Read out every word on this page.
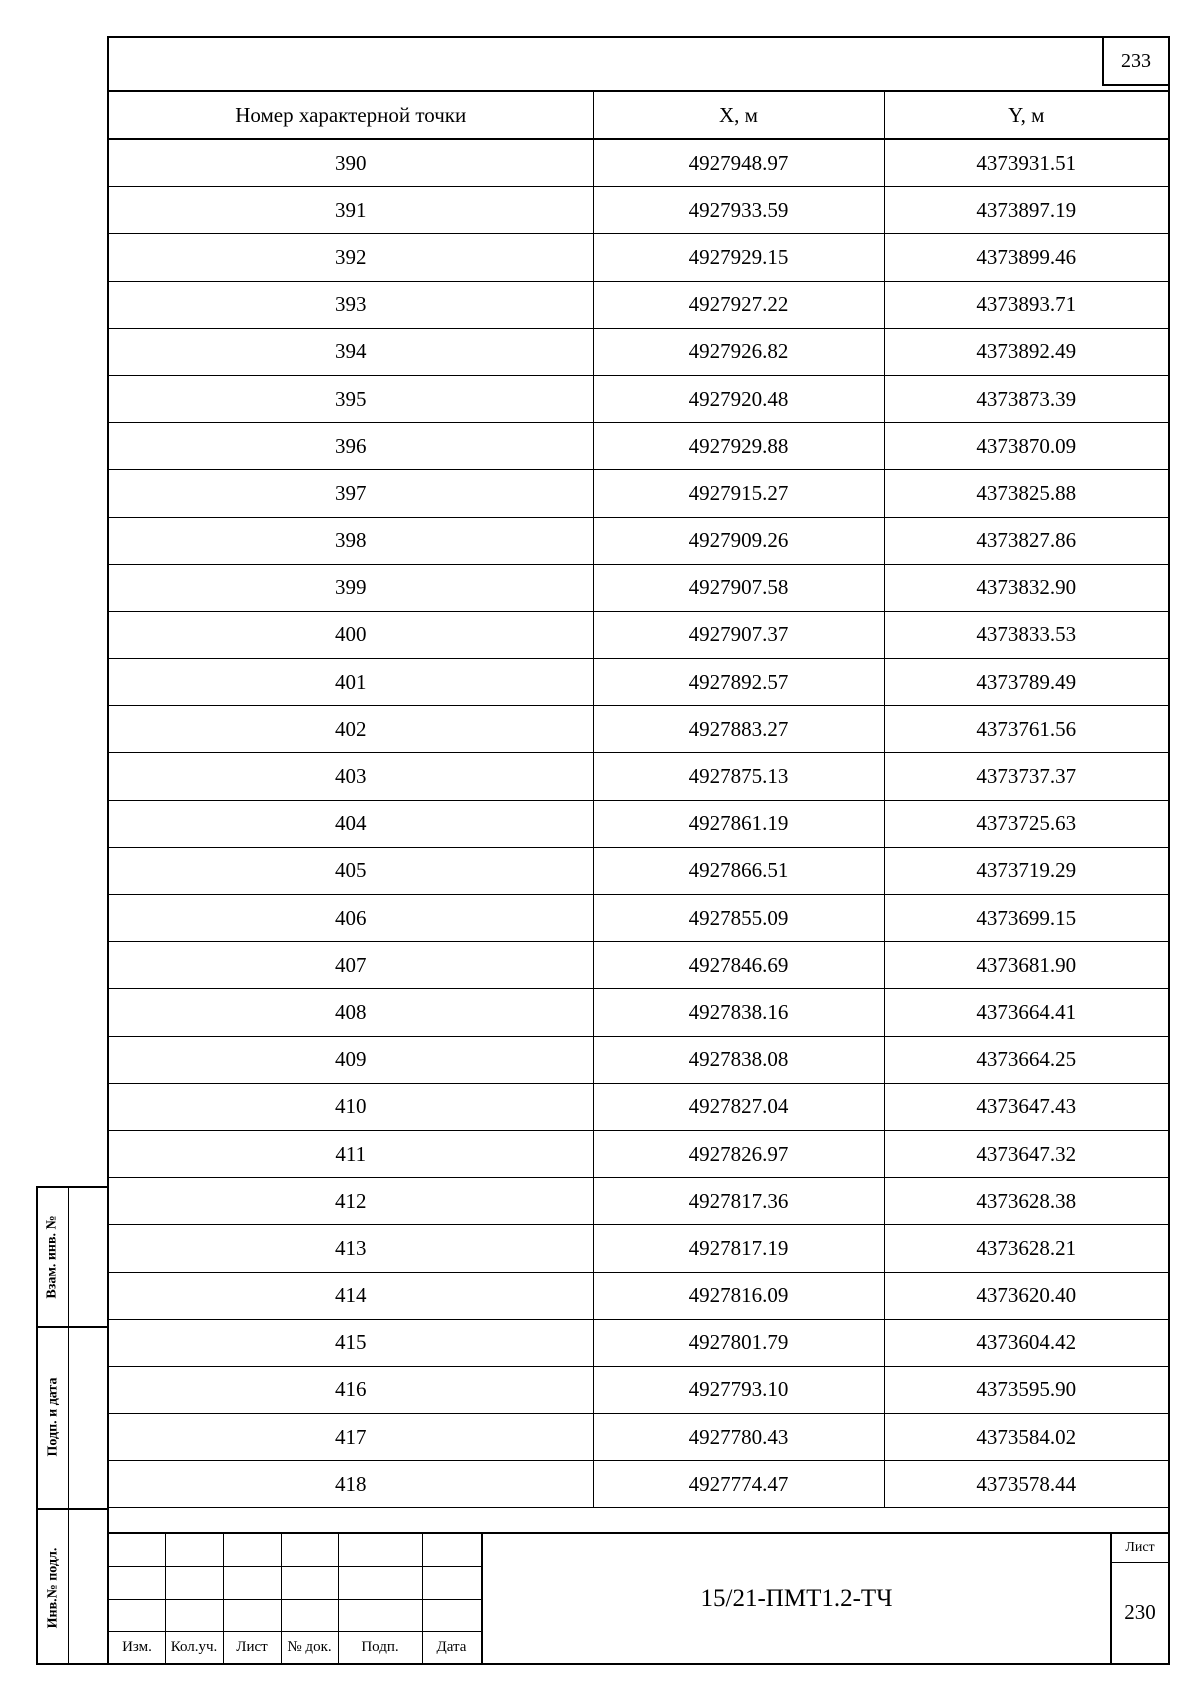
Взам. инв. №
Подп. и дата
Инв.№ подл.
233
Номер характерной точки	X, м	Y, м
390	4927948.97	4373931.51
391	4927933.59	4373897.19
392	4927929.15	4373899.46
393	4927927.22	4373893.71
394	4927926.82	4373892.49
395	4927920.48	4373873.39
396	4927929.88	4373870.09
397	4927915.27	4373825.88
398	4927909.26	4373827.86
399	4927907.58	4373832.90
400	4927907.37	4373833.53
401	4927892.57	4373789.49
402	4927883.27	4373761.56
403	4927875.13	4373737.37
404	4927861.19	4373725.63
405	4927866.51	4373719.29
406	4927855.09	4373699.15
407	4927846.69	4373681.90
408	4927838.16	4373664.41
409	4927838.08	4373664.25
410	4927827.04	4373647.43
411	4927826.97	4373647.32
412	4927817.36	4373628.38
413	4927817.19	4373628.21
414	4927816.09	4373620.40
415	4927801.79	4373604.42
416	4927793.10	4373595.90
417	4927780.43	4373584.02
418	4927774.47	4373578.44
Изм.	Кол.уч.	Лист	№ док.	Подп.	Дата
15/21-ПМТ1.2-ТЧ
Лист
230
